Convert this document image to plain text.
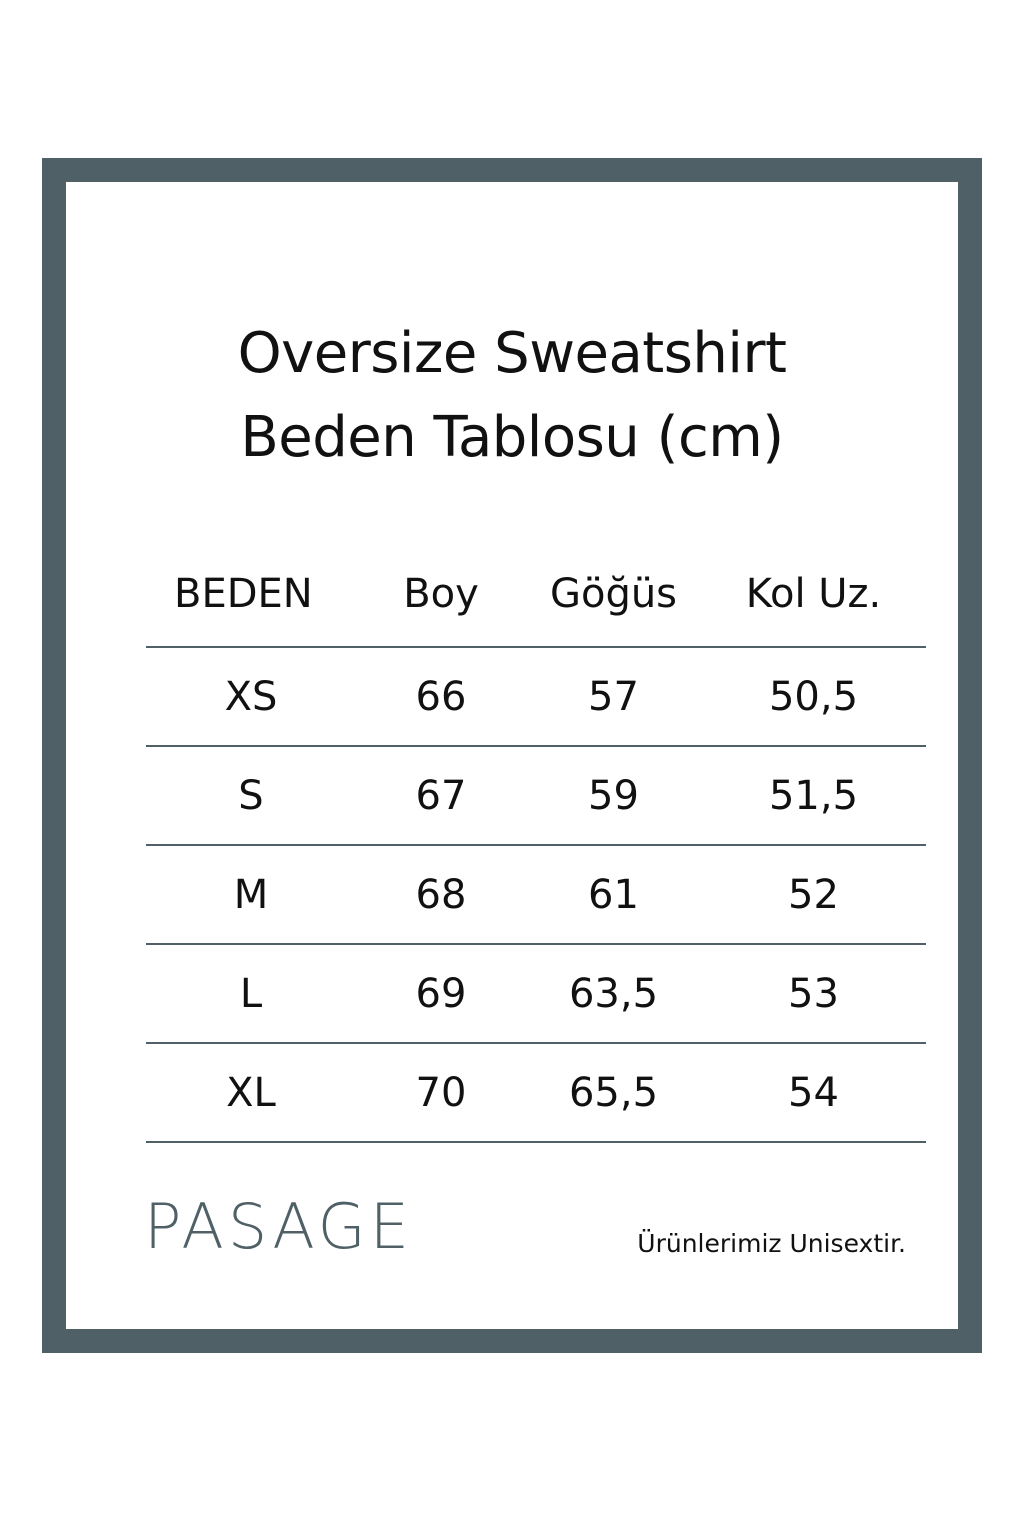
Oversize Sweatshirt
Beden Tablosu (cm)
BEDEN	Boy	Göğüs	Kol Uz.
XS	66	57	50,5
S	67	59	51,5
M	68	61	52
L	69	63,5	53
XL	70	65,5	54
PASAGE	Ürünlerimiz Unisextir.
